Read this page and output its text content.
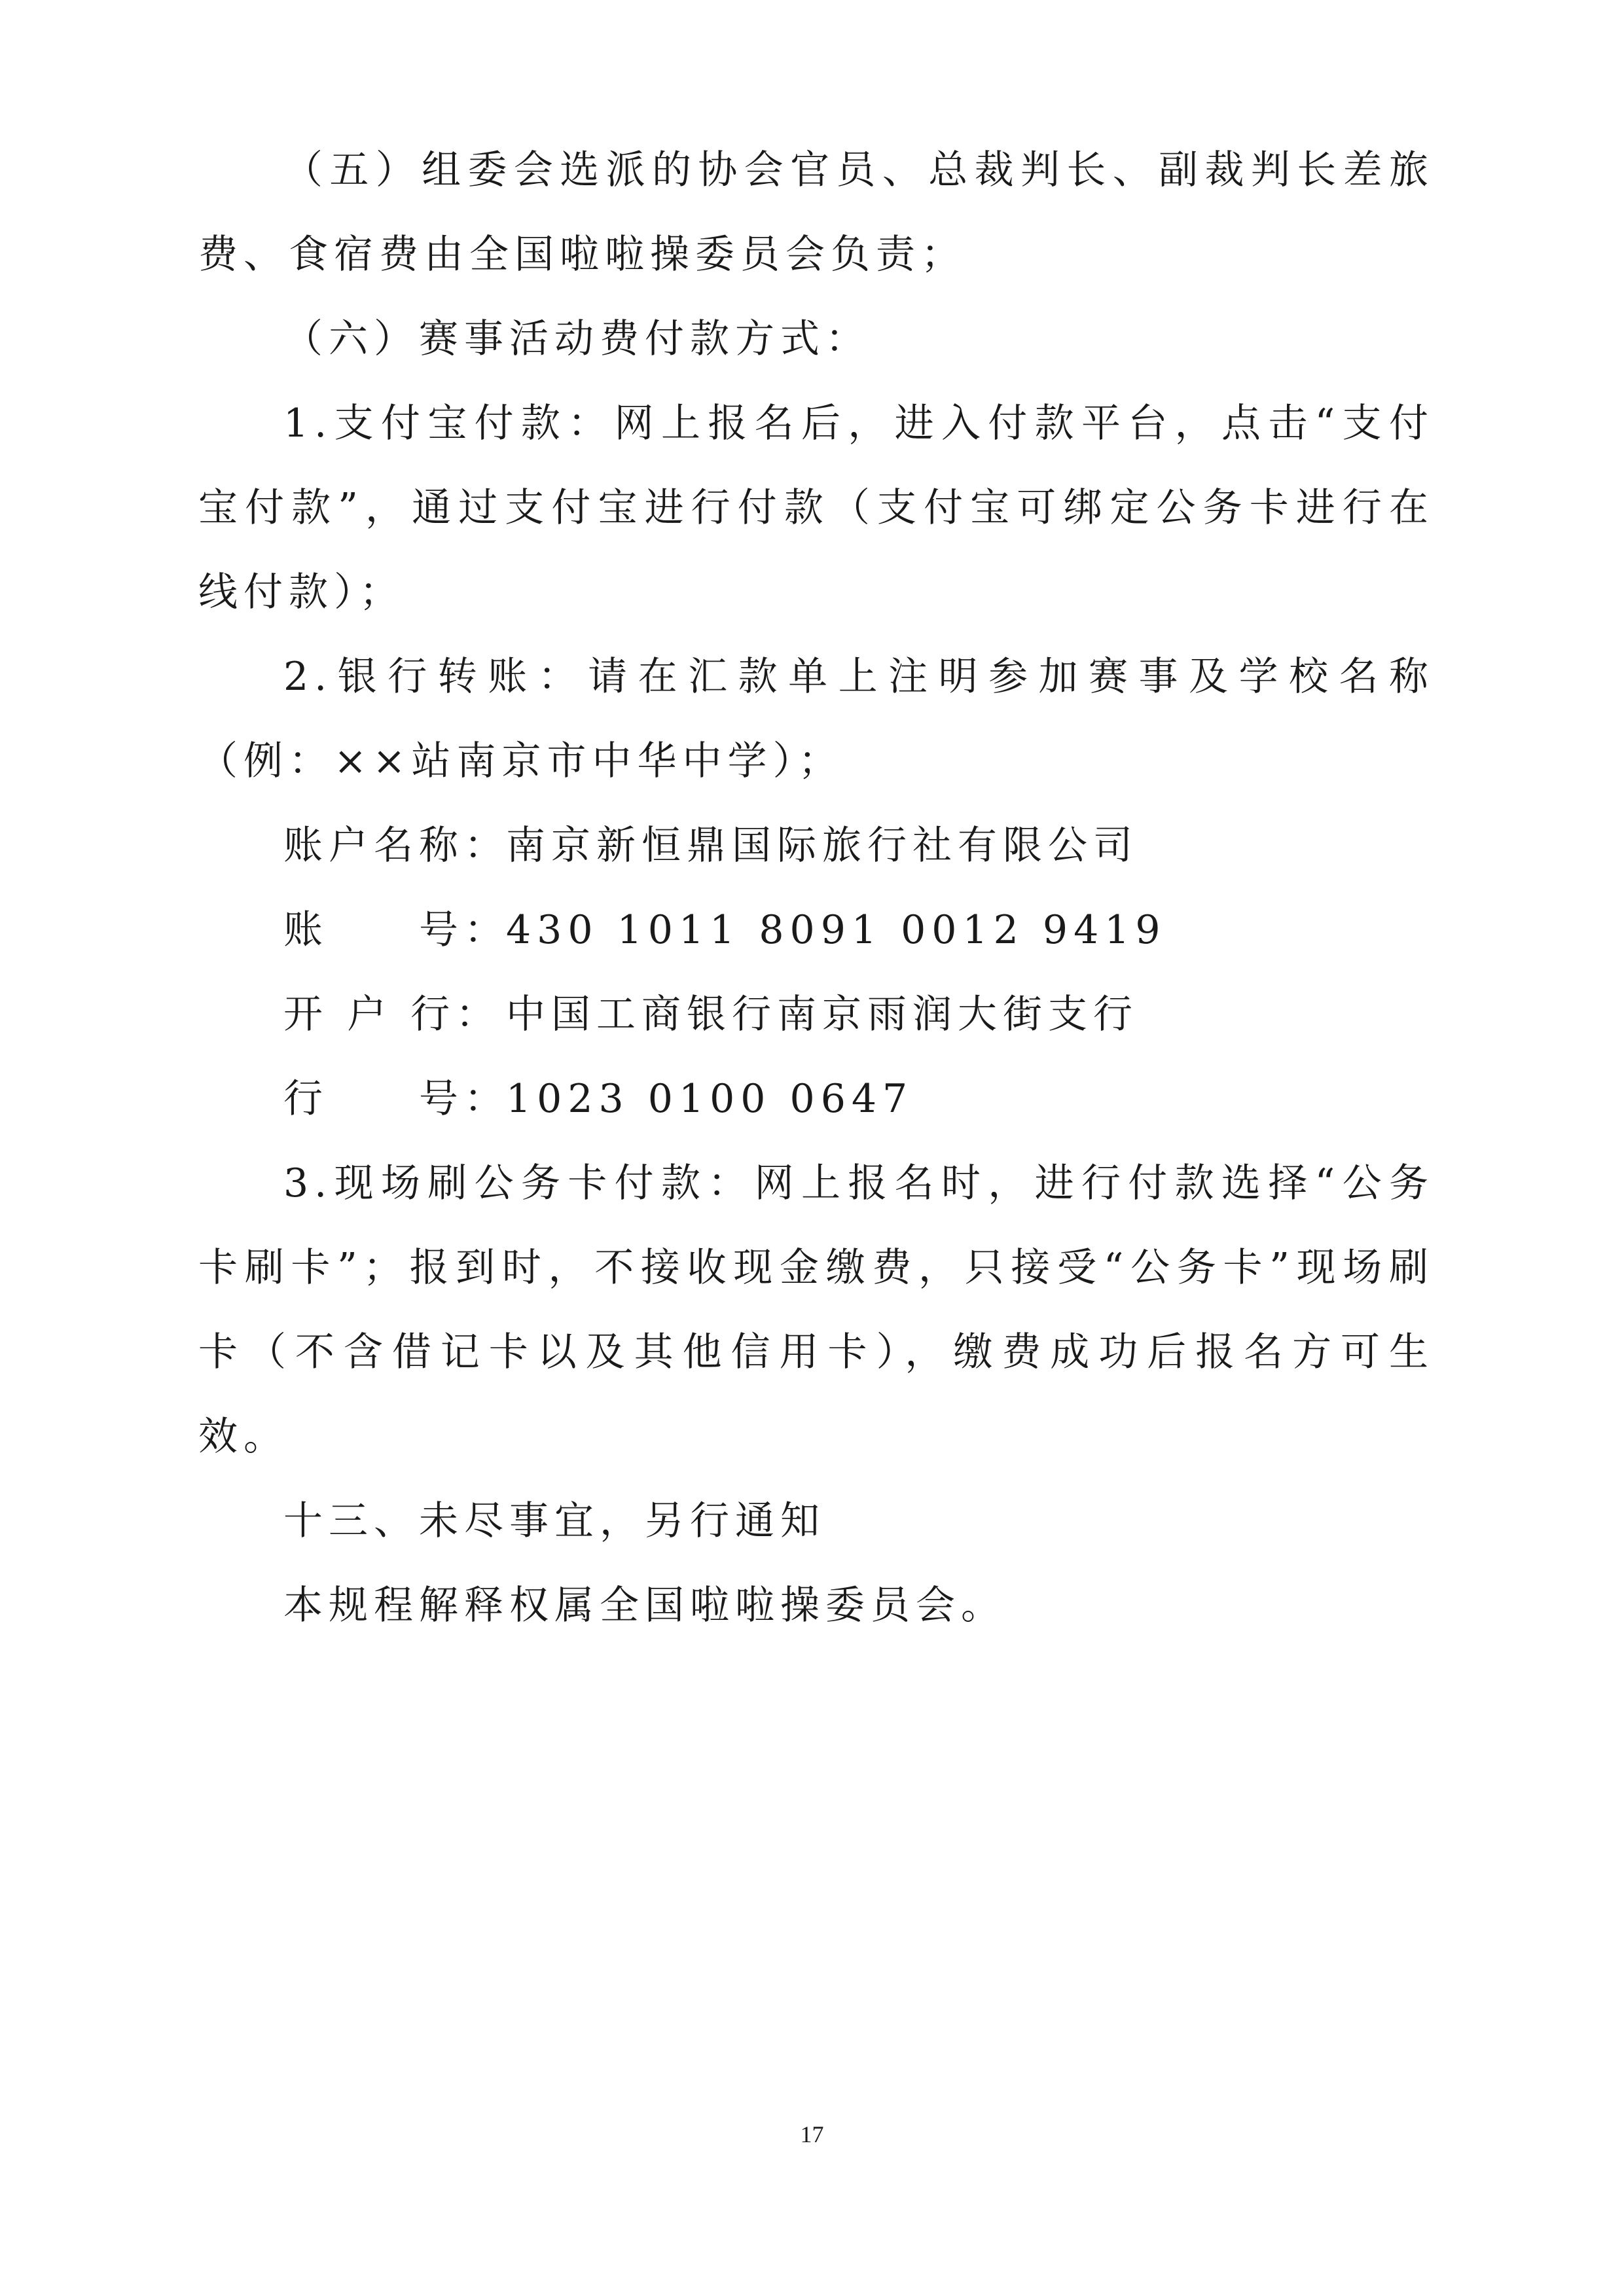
（五）组委会选派的协会官员、总裁判长、副裁判长差旅费、食宿费由全国啦啦操委员会负责；

（六）赛事活动费付款方式：

1.支付宝付款：网上报名后，进入付款平台，点击“支付宝付款”，通过支付宝进行付款（支付宝可绑定公务卡进行在线付款）；

2.银行转账：请在汇款单上注明参加赛事及学校名称（例：××站南京市中华中学）；

账户名称：南京新恒鼎国际旅行社有限公司
账　　号：430 1011 8091 0012 9419
开 户 行： 中国工商银行南京雨润大街支行
行　　号：1023 0100 0647

3.现场刷公务卡付款：网上报名时，进行付款选择“公务卡刷卡”；报到时，不接收现金缴费，只接受“公务卡”现场刷卡（不含借记卡以及其他信用卡），缴费成功后报名方可生效。

十三、未尽事宜，另行通知

本规程解释权属全国啦啦操委员会。

17
